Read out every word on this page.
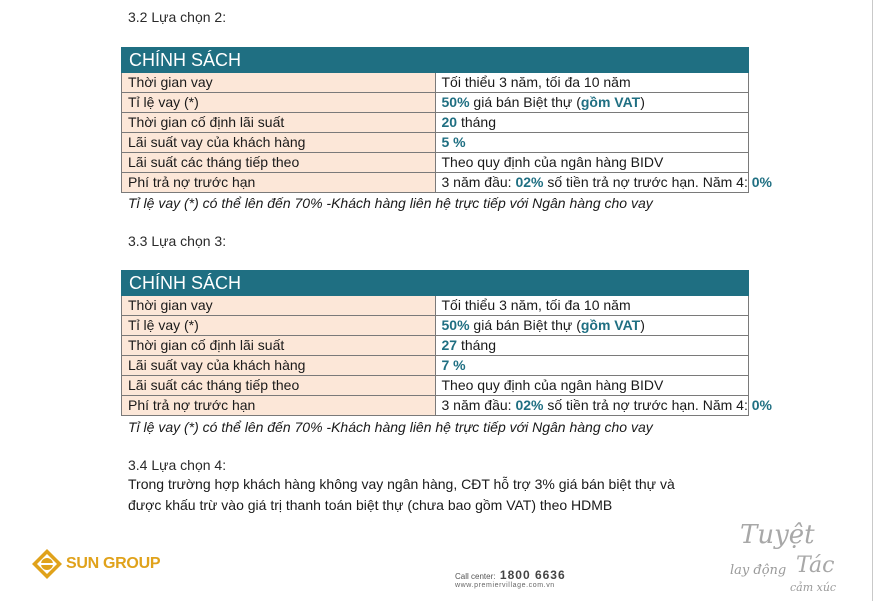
3.2 Lựa chọn 2:
CHÍNH SÁCH	
Thời gian vay	Tối thiểu 3 năm, tối đa 10 năm
Tỉ lệ vay (*)	50% giá bán Biệt thự (gồm VAT)
Thời gian cố định lãi suất	20 tháng
Lãi suất vay của khách hàng	5 %
Lãi suất các tháng tiếp theo	Theo quy định của ngân hàng BIDV
Phí trả nợ trước hạn	3 năm đầu: 02% số tiền trả nợ trước hạn. Năm 4: 0%
Tỉ lệ vay (*) có thể lên đến 70% -Khách hàng liên hệ trực tiếp với Ngân hàng cho vay
3.3 Lựa chọn 3:
CHÍNH SÁCH	
Thời gian vay	Tối thiểu 3 năm, tối đa 10 năm
Tỉ lệ vay (*)	50% giá bán Biệt thự (gồm VAT)
Thời gian cố định lãi suất	27 tháng
Lãi suất vay của khách hàng	7 %
Lãi suất các tháng tiếp theo	Theo quy định của ngân hàng BIDV
Phí trả nợ trước hạn	3 năm đầu: 02% số tiền trả nợ trước hạn. Năm 4: 0%
Tỉ lệ vay (*) có thể lên đến 70% -Khách hàng liên hệ trực tiếp với Ngân hàng cho vay
3.4 Lựa chọn 4:
Trong trường hợp khách hàng không vay ngân hàng, CĐT hỗ trợ 3% giá bán biệt thự và
được khấu trừ vào giá trị thanh toán biệt thự (chưa bao gồm VAT) theo HDMB
SUN GROUP
Call center: 1800 6636
www.premiervillage.com.vn
Tuyệt
lay động Tác
cảm xúc
